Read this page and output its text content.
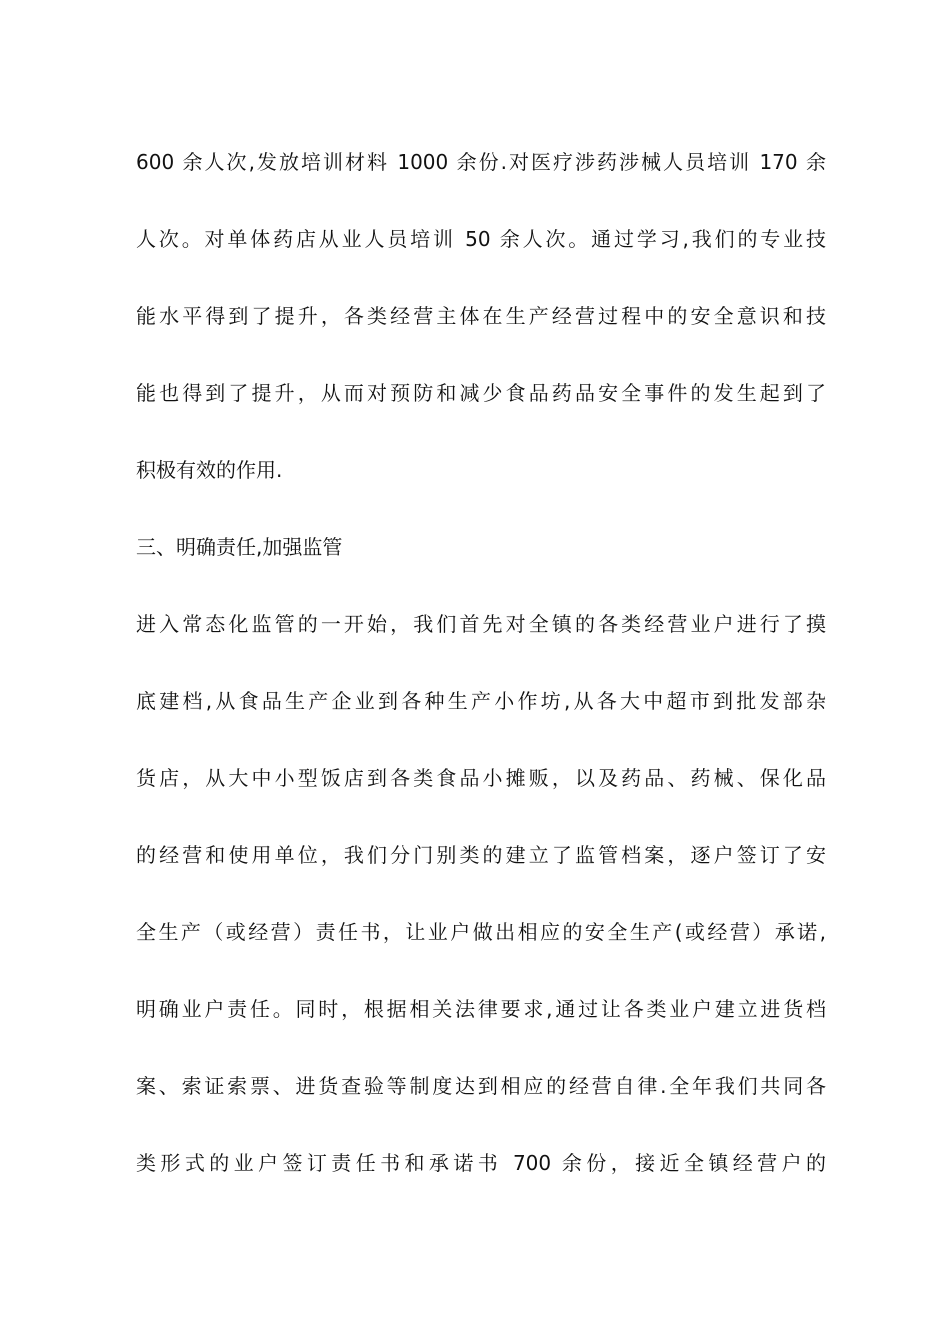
600 余人次,发放培训材料 1000 余份.对医疗涉药涉械人员培训 170 余
人次。对单体药店从业人员培训 50 余人次。通过学习,我们的专业技
能水平得到了提升，各类经营主体在生产经营过程中的安全意识和技
能也得到了提升，从而对预防和减少食品药品安全事件的发生起到了
积极有效的作用.
三、明确责任,加强监管
进入常态化监管的一开始，我们首先对全镇的各类经营业户进行了摸
底建档,从食品生产企业到各种生产小作坊,从各大中超市到批发部杂
货店，从大中小型饭店到各类食品小摊贩，以及药品、药械、保化品
的经营和使用单位，我们分门别类的建立了监管档案，逐户签订了安
全生产（或经营）责任书，让业户做出相应的安全生产(或经营）承诺,
明确业户责任。同时，根据相关法律要求,通过让各类业户建立进货档
案、索证索票、进货查验等制度达到相应的经营自律.全年我们共同各
类形式的业户签订责任书和承诺书 700 余份，接近全镇经营户的
